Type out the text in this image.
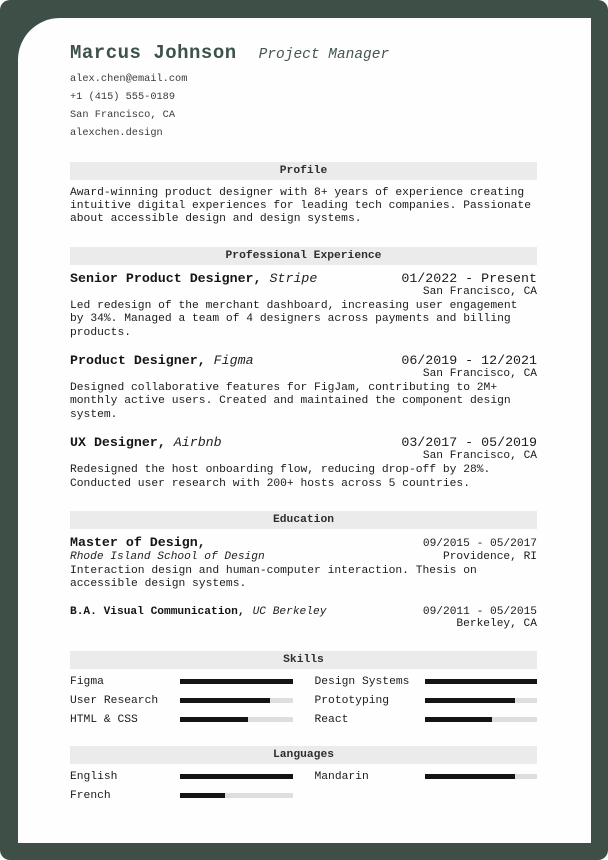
Marcus Johnson Project Manager
alex.chen@email.com
+1 (415) 555-0189
San Francisco, CA
alexchen.design
Profile

Award-winning product designer with 8+ years of experience creating intuitive digital experiences for leading tech companies. Passionate about accessible design and design systems.

Professional Experience
Senior Product Designer, Stripe	01/2022 - Present
San Francisco, CA

Led redesign of the merchant dashboard, increasing user engagement by 34%. Managed a team of 4 designers across payments and billing products.

Product Designer, Figma	06/2019 - 12/2021
San Francisco, CA

Designed collaborative features for FigJam, contributing to 2M+ monthly active users. Created and maintained the component design system.

UX Designer, Airbnb	03/2017 - 05/2019
San Francisco, CA

Redesigned the host onboarding flow, reducing drop-off by 28%. Conducted user research with 200+ hosts across 5 countries.

Education
Master of Design,	09/2015 - 05/2017
Rhode Island School of Design	Providence, RI

Interaction design and human-computer interaction. Thesis on accessible design systems.

B.A. Visual Communication, UC Berkeley	09/2011 - 05/2015
Berkeley, CA
Skills
Figma	Design Systems
User Research	Prototyping
HTML & CSS	React
Languages
English	Mandarin
French
